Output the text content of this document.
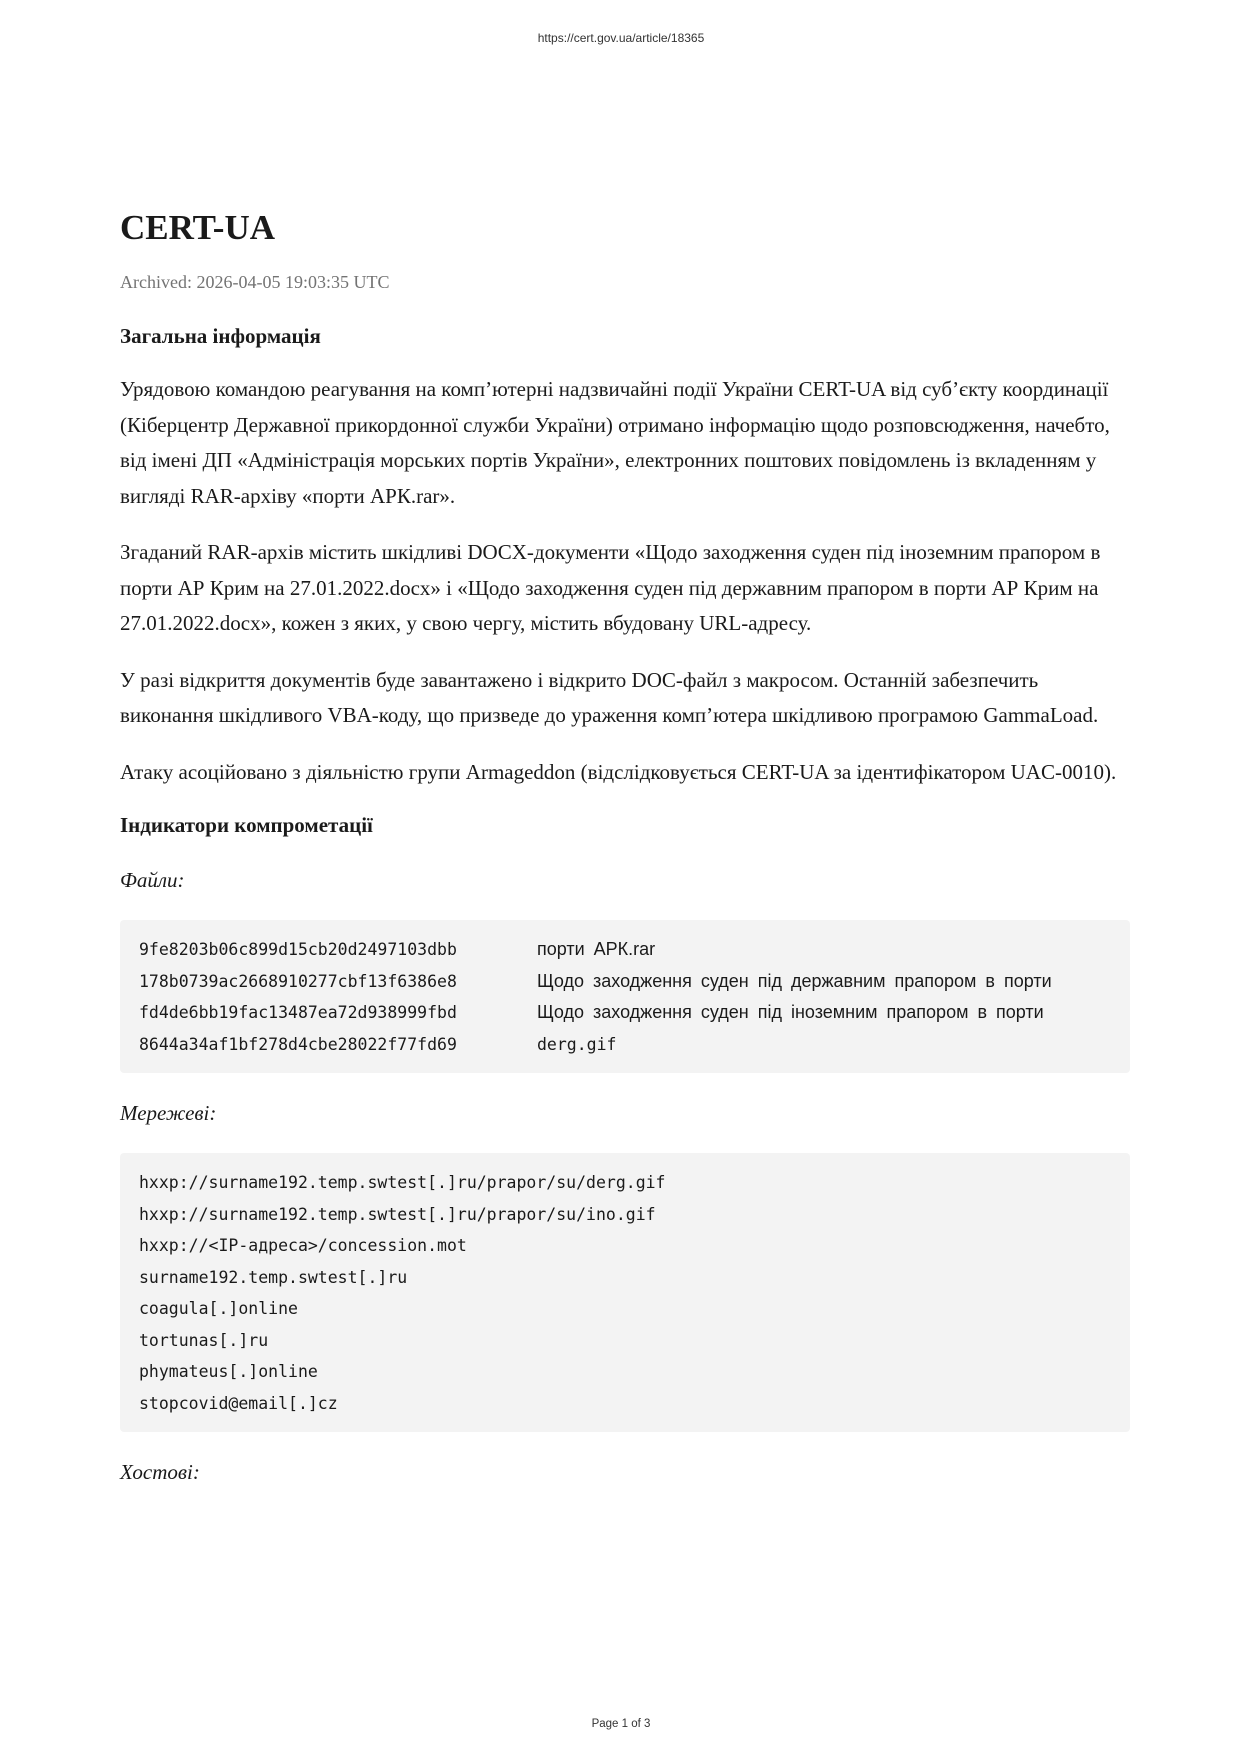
https://cert.gov.ua/article/18365
CERT-UA
Archived: 2026-04-05 19:03:35 UTC
Загальна інформація

Урядовою командою реагування на комп’ютерні надзвичайні події України CERT-UA від суб’єкту координації (Кіберцентр Державної прикордонної служби України) отримано інформацію щодо розповсюдження, начебто, від імені ДП «Адміністрація морських портів України», електронних поштових повідомлень із вкладенням у вигляді RAR-архіву «порти АРК.rar».

Згаданий RAR-архів містить шкідливі DOCX-документи «Щодо заходження суден під іноземним прапором в порти АР Крим на 27.01.2022.docx» і «Щодо заходження суден під державним прапором в порти АР Крим на 27.01.2022.docx», кожен з яких, у свою чергу, містить вбудовану URL-адресу.

У разі відкриття документів буде завантажено і відкрито DOC-файл з макросом. Останній забезпечить виконання шкідливого VBA-коду, що призведе до ураження комп’ютера шкідливою програмою GammaLoad.

Атаку асоційовано з діяльністю групи Armageddon (відслідковується CERT-UA за ідентифікатором UAC-0010).

Індикатори компрометації
Файли:
9fe8203b06c899d15cb20d2497103dbb	порти АРК.rar
178b0739ac2668910277cbf13f6386e8	Щодо заходження суден під державним прапором в порти
fd4de6bb19fac13487ea72d938999fbd	Щодо заходження суден під іноземним прапором в порти
8644a34af1bf278d4cbe28022f77fd69	derg.gif
Мережеві:
hxxp://surname192.temp.swtest[.]ru/prapor/su/derg.gif
hxxp://surname192.temp.swtest[.]ru/prapor/su/ino.gif
hxxp://<IP-адреса>/concession.mot
surname192.temp.swtest[.]ru
coagula[.]online
tortunas[.]ru
phymateus[.]online
stopcovid@email[.]cz
Хостові:
Page 1 of 3
